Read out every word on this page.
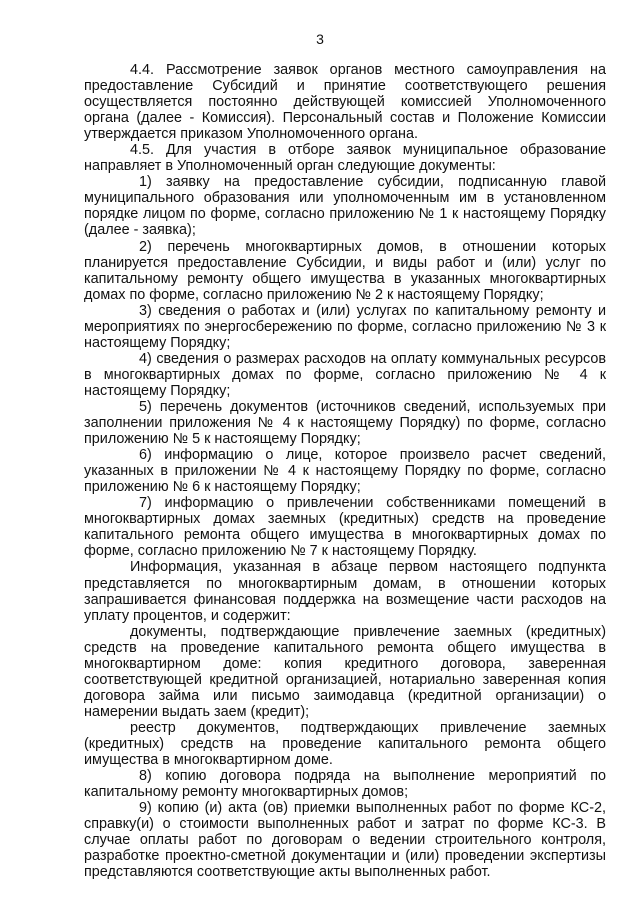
3

4.4. Рассмотрение заявок органов местного самоуправления на предоставление Субсидий и принятие соответствующего решения осуществляется постоянно действующей комиссией Уполномоченного органа (далее - Комиссия). Персональный состав и Положение Комиссии утверждается приказом Уполномоченного органа.

4.5. Для участия в отборе заявок муниципальное образование направляет в Уполномоченный орган следующие документы:

1) заявку на предоставление субсидии, подписанную главой муниципального образования или уполномоченным им в установленном порядке лицом по форме, согласно приложению № 1 к настоящему Порядку (далее - заявка);

2) перечень многоквартирных домов, в отношении которых планируется предоставление Субсидии, и виды работ и (или) услуг по капитальному ремонту общего имущества в указанных многоквартирных домах по форме, согласно приложению № 2 к настоящему Порядку;

3) сведения о работах и (или) услугах по капитальному ремонту и мероприятиях по энергосбережению по форме, согласно приложению № 3 к настоящему Порядку;

4) сведения о размерах расходов на оплату коммунальных ресурсов в многоквартирных домах по форме, согласно приложению № 4 к настоящему Порядку;

5) перечень документов (источников сведений, используемых при заполнении приложения № 4 к настоящему Порядку) по форме, согласно приложению № 5 к настоящему Порядку;

6) информацию о лице, которое произвело расчет сведений, указанных в приложении № 4 к настоящему Порядку по форме, согласно приложению № 6 к настоящему Порядку;

7) информацию о привлечении собственниками помещений в многоквартирных домах заемных (кредитных) средств на проведение капитального ремонта общего имущества в многоквартирных домах по форме, согласно приложению № 7 к настоящему Порядку.

Информация, указанная в абзаце первом настоящего подпункта представляется по многоквартирным домам, в отношении которых запрашивается финансовая поддержка на возмещение части расходов на уплату процентов, и содержит:

документы, подтверждающие привлечение заемных (кредитных) средств на проведение капитального ремонта общего имущества в многоквартирном доме: копия кредитного договора, заверенная соответствующей кредитной организацией, нотариально заверенная копия договора займа или письмо заимодавца (кредитной организации) о намерении выдать заем (кредит);

реестр документов, подтверждающих привлечение заемных (кредитных) средств на проведение капитального ремонта общего имущества в многоквартирном доме.

8) копию договора подряда на выполнение мероприятий по капитальному ремонту многоквартирных домов;

9) копию (и) акта (ов) приемки выполненных работ по форме КС-2, справку(и) о стоимости выполненных работ и затрат по форме КС-3. В случае оплаты работ по договорам о ведении строительного контроля, разработке проектно-сметной документации и (или) проведении экспертизы представляются соответствующие акты выполненных работ.
